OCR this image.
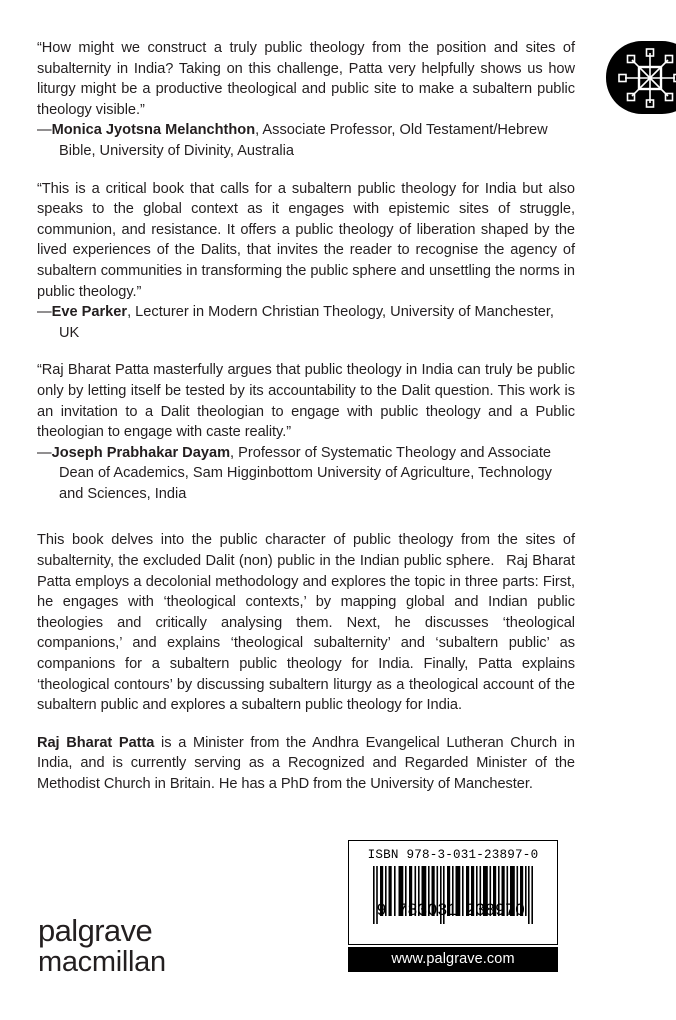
“How might we construct a truly public theology from the position and sites of subalternity in India? Taking on this challenge, Patta very helpfully shows us how liturgy might be a productive theological and public site to make a subaltern public theology visible.”

—Monica Jyotsna Melanchthon, Associate Professor, Old Testament/Hebrew Bible, University of Divinity, Australia

“This is a critical book that calls for a subaltern public theology for India but also speaks to the global context as it engages with epistemic sites of struggle, communion, and resistance. It offers a public theology of liberation shaped by the lived experiences of the Dalits, that invites the reader to recognise the agency of subaltern communities in transforming the public sphere and unsettling the norms in public theology.”

—Eve Parker, Lecturer in Modern Christian Theology, University of Manchester, UK

“Raj Bharat Patta masterfully argues that public theology in India can truly be public only by letting itself be tested by its accountability to the Dalit question. This work is an invitation to a Dalit theologian to engage with public theology and a Public theologian to engage with caste reality.”

—Joseph Prabhakar Dayam, Professor of Systematic Theology and Associate Dean of Academics, Sam Higginbottom University of Agriculture, Technology and Sciences, India

This book delves into the public character of public theology from the sites of subalternity, the excluded Dalit (non) public in the Indian public sphere.  Raj Bharat Patta employs a decolonial methodology and explores the topic in three parts: First, he engages with ‘theological contexts,’ by mapping global and Indian public theologies and critically analysing them. Next, he discusses ‘theological companions,’ and explains ‘theological subalternity’ and ‘subaltern public’ as companions for a subaltern public theology for India. Finally, Patta explains ‘theological contours’ by discussing subaltern liturgy as a theological account of the subaltern public and explores a subaltern public theology for India.

Raj Bharat Patta is a Minister from the Andhra Evangelical Lutheran Church in India, and is currently serving as a Recognized and Regarded Minister of the Methodist Church in Britain. He has a PhD from the University of Manchester.

palgrave
macmillan
ISBN 978-3-031-23897-0
9 783031 238970
www.palgrave.com
